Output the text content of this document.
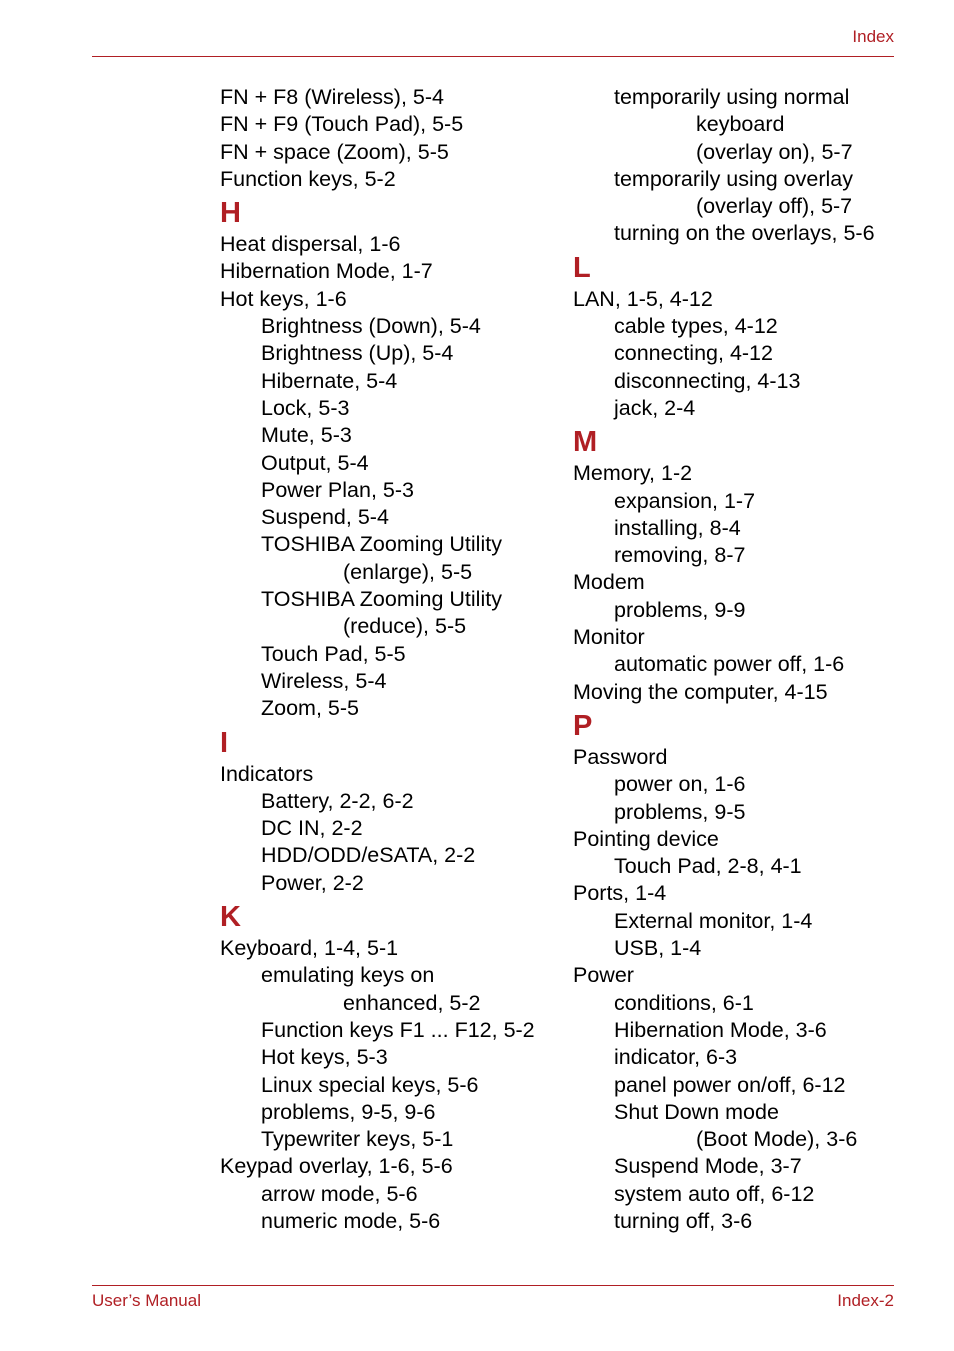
Index
FN + F8 (Wireless), 5-4
FN + F9 (Touch Pad), 5-5
FN + space (Zoom), 5-5
Function keys, 5-2
H
Heat dispersal, 1-6
Hibernation Mode, 1-7
Hot keys, 1-6
Brightness (Down), 5-4
Brightness (Up), 5-4
Hibernate, 5-4
Lock, 5-3
Mute, 5-3
Output, 5-4
Power Plan, 5-3
Suspend, 5-4
TOSHIBA Zooming Utility
(enlarge), 5-5
TOSHIBA Zooming Utility
(reduce), 5-5
Touch Pad, 5-5
Wireless, 5-4
Zoom, 5-5
I
Indicators
Battery, 2-2, 6-2
DC IN, 2-2
HDD/ODD/eSATA, 2-2
Power, 2-2
K
Keyboard, 1-4, 5-1
emulating keys on
enhanced, 5-2
Function keys F1 ... F12, 5-2
Hot keys, 5-3
Linux special keys, 5-6
problems, 9-5, 9-6
Typewriter keys, 5-1
Keypad overlay, 1-6, 5-6
arrow mode, 5-6
numeric mode, 5-6
temporarily using normal
keyboard
(overlay on), 5-7
temporarily using overlay
(overlay off), 5-7
turning on the overlays, 5-6
L
LAN, 1-5, 4-12
cable types, 4-12
connecting, 4-12
disconnecting, 4-13
jack, 2-4
M
Memory, 1-2
expansion, 1-7
installing, 8-4
removing, 8-7
Modem
problems, 9-9
Monitor
automatic power off, 1-6
Moving the computer, 4-15
P
Password
power on, 1-6
problems, 9-5
Pointing device
Touch Pad, 2-8, 4-1
Ports, 1-4
External monitor, 1-4
USB, 1-4
Power
conditions, 6-1
Hibernation Mode, 3-6
indicator, 6-3
panel power on/off, 6-12
Shut Down mode
(Boot Mode), 3-6
Suspend Mode, 3-7
system auto off, 6-12
turning off, 3-6
User’s Manual	Index-2
